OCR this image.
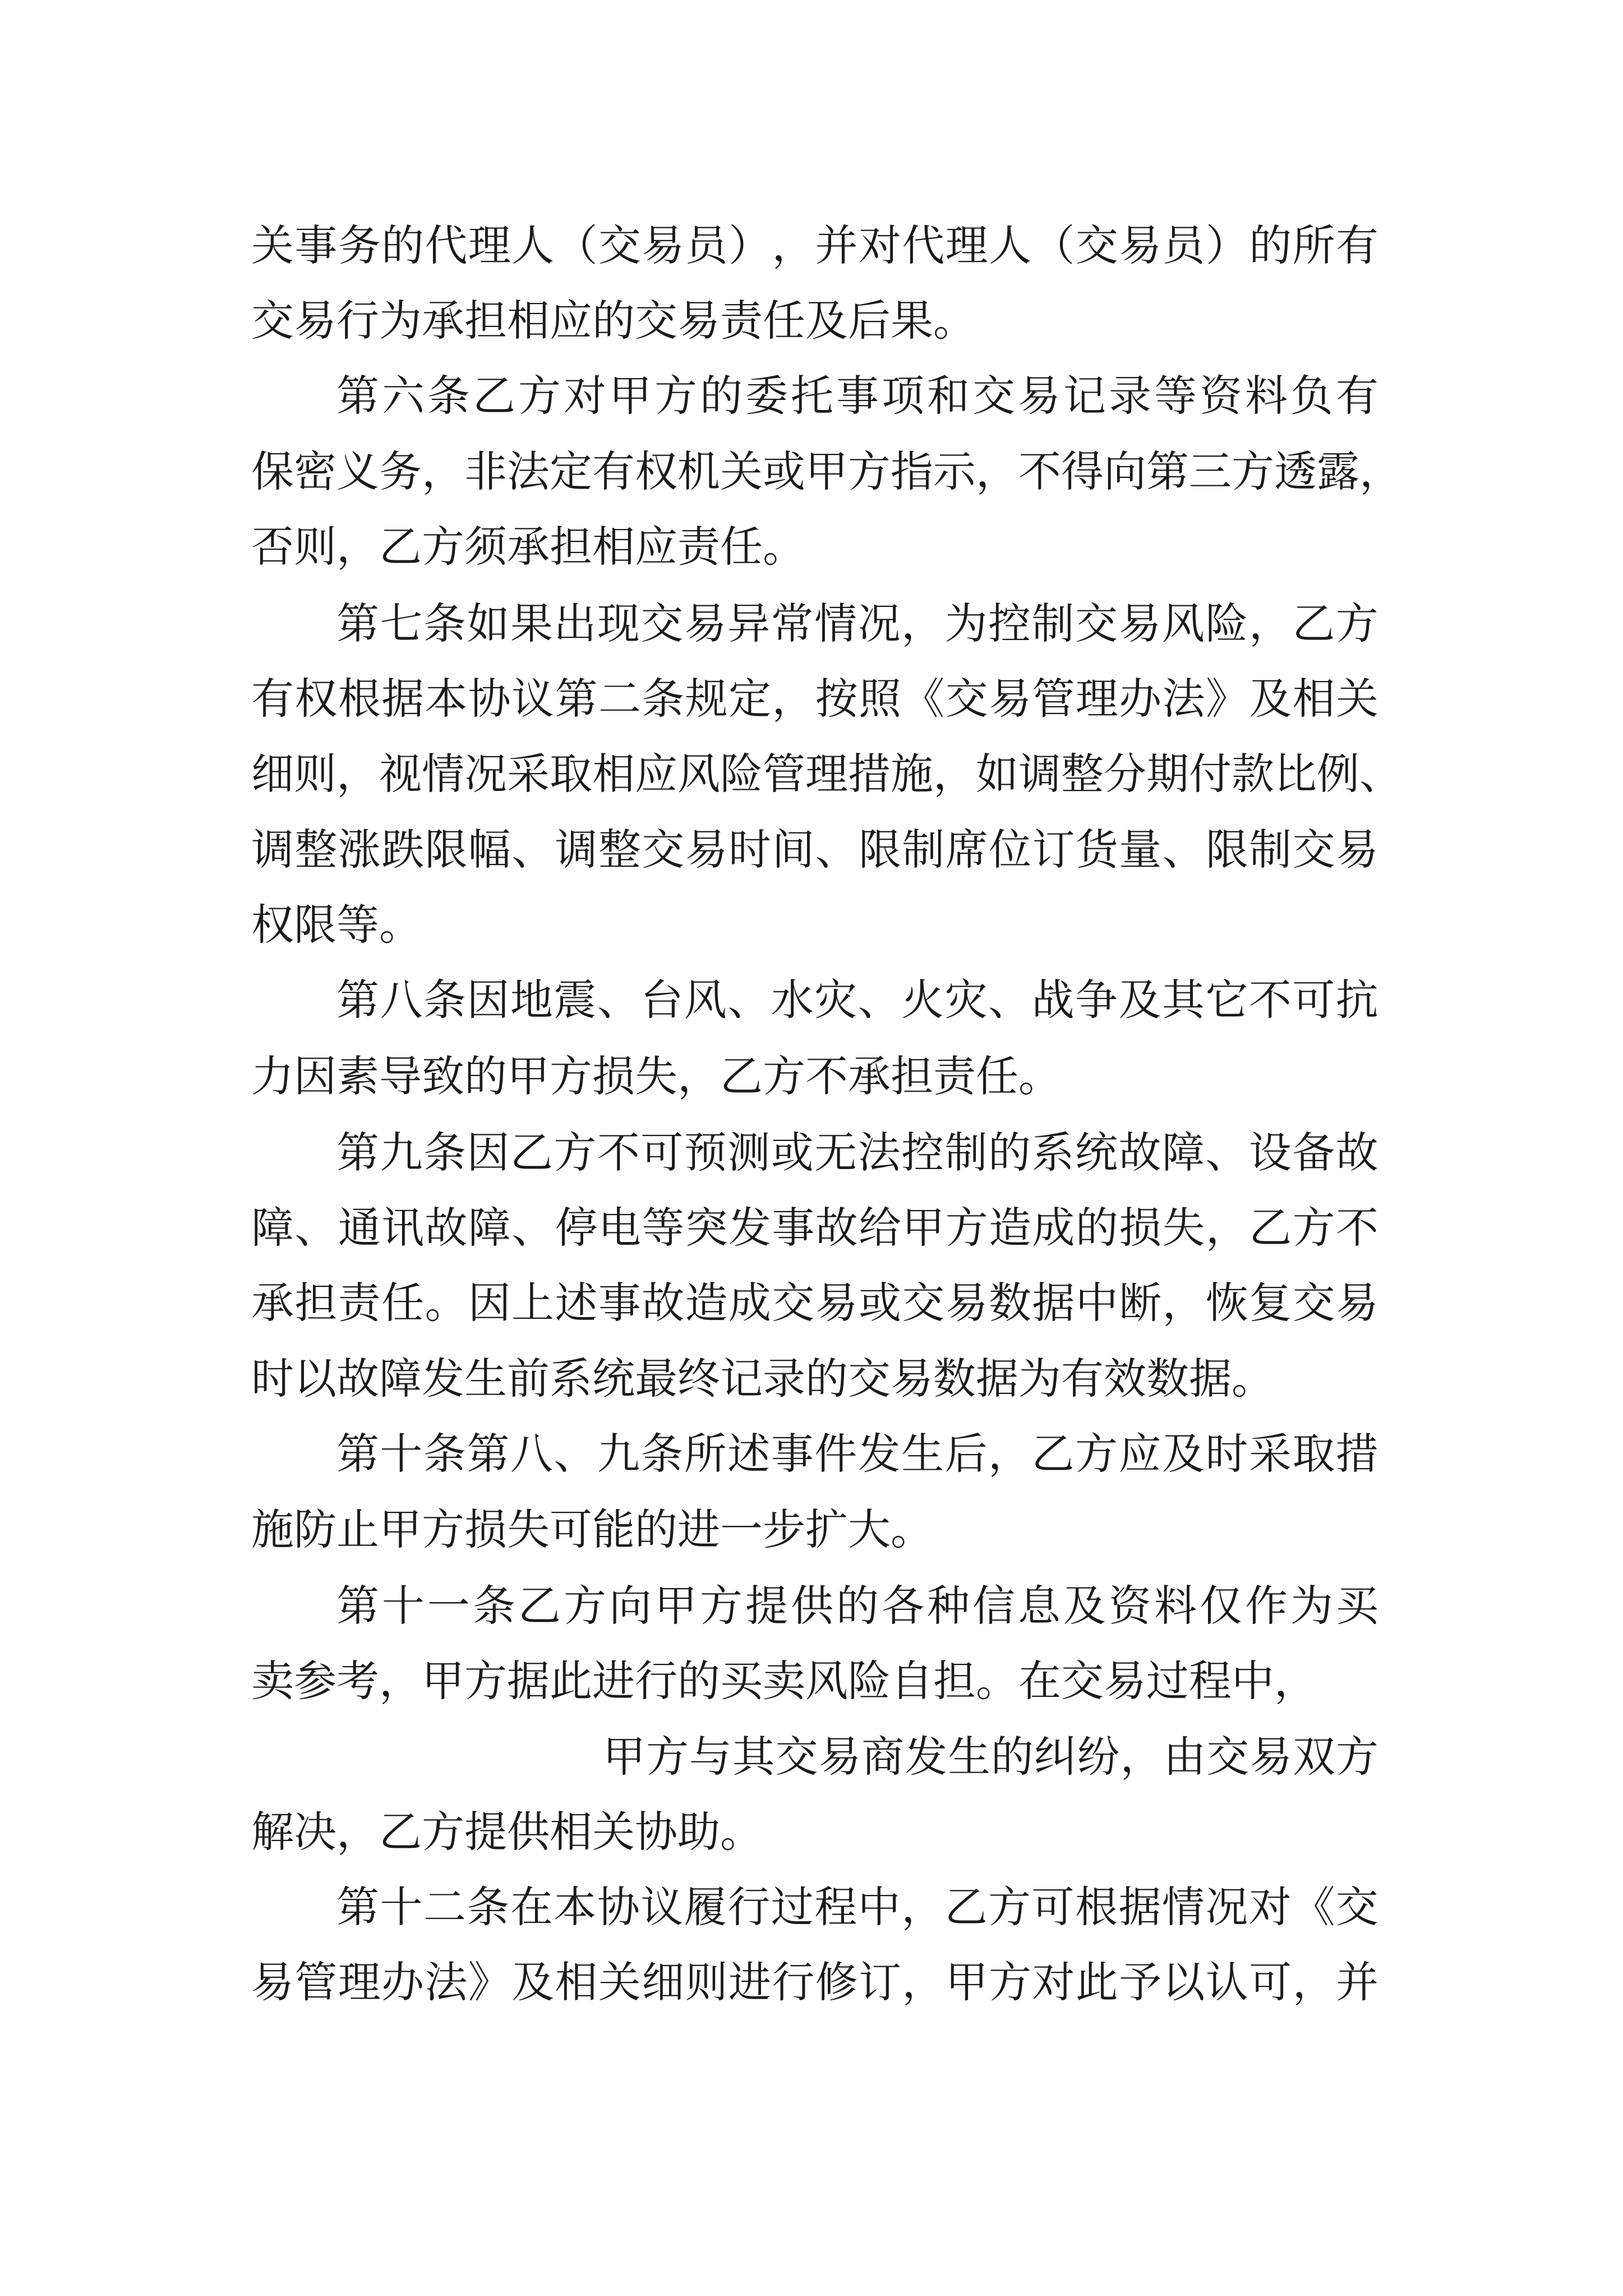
关 事 务 的 代 理 人 （ 交 易 员 ） ， 并 对 代 理 人 （ 交 易 员 ） 的 所 有
交易行为承担相应的交易责任及后果。
第 六 条 乙 方 对 甲 方 的 委 托 事 项 和 交 易 记 录 等 资 料 负 有
保 密 义 务 ， 非 法 定 有 权 机 关 或 甲 方 指 示 ， 不 得 向 第 三 方 透 露 ，
否则，乙方须承担相应责任。
第 七 条 如 果 出 现 交 易 异 常 情 况 ， 为 控 制 交 易 风 险 ， 乙 方
有 权 根 据 本 协 议 第 二 条 规 定 ， 按 照 《 交 易 管 理 办 法 》 及 相 关
细 则 ， 视 情 况 采 取 相 应 风 险 管 理 措 施 ， 如 调 整 分 期 付 款 比 例 、
调 整 涨 跌 限 幅 、 调 整 交 易 时 间 、 限 制 席 位 订 货 量 、 限 制 交 易
权限等。
第 八 条 因 地 震 、 台 风 、 水 灾 、 火 灾 、 战 争 及 其 它 不 可 抗
力因素导致的甲方损失，乙方不承担责任。
第 九 条 因 乙 方 不 可 预 测 或 无 法 控 制 的 系 统 故 障 、 设 备 故
障 、 通 讯 故 障 、 停 电 等 突 发 事 故 给 甲 方 造 成 的 损 失 ， 乙 方 不
承 担 责 任 。 因 上 述 事 故 造 成 交 易 或 交 易 数 据 中 断 ， 恢 复 交 易
时以故障发生前系统最终记录的交易数据为有效数据。
第 十 条 第 八 、 九 条 所 述 事 件 发 生 后 ， 乙 方 应 及 时 采 取 措
施防止甲方损失可能的进一步扩大。
第 十 一 条 乙 方 向 甲 方 提 供 的 各 种 信 息 及 资 料 仅 作 为 买
卖参考，甲方据此进行的买卖风险自担。在交易过程中，
甲 方 与 其 交 易 商 发 生 的 纠 纷 ， 由 交 易 双 方
解决，乙方提供相关协助。
第 十 二 条 在 本 协 议 履 行 过 程 中 ， 乙 方 可 根 据 情 况 对 《 交
易 管 理 办 法 》 及 相 关 细 则 进 行 修 订 ， 甲 方 对 此 予 以 认 可 ， 并
